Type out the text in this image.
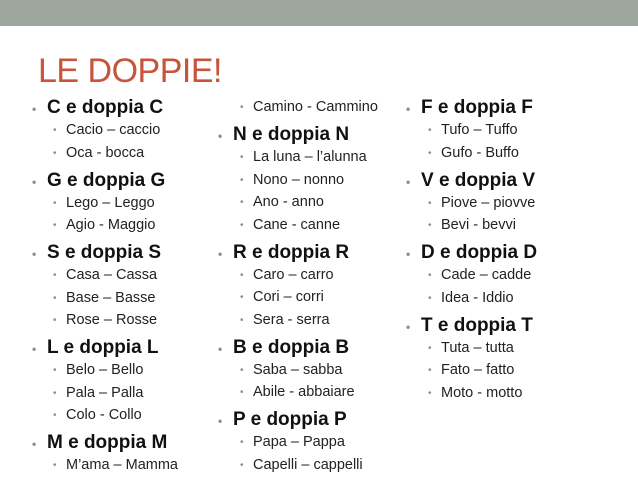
LE DOPPIE!
• C e doppia C
• Cacio – caccio
• Oca - bocca
• G e doppia G
• Lego – Leggo
• Agio - Maggio
• S e doppia S
• Casa – Cassa
• Base – Basse
• Rose – Rosse
• L e doppia L
• Belo – Bello
• Pala – Palla
• Colo - Collo
• M e doppia M
• M’ama – Mamma
• Camino - Cammino
• N e doppia N
• La luna – l’alunna
• Nono – nonno
• Ano - anno
• Cane - canne
• R e doppia R
• Caro – carro
• Cori – corri
• Sera - serra
• B e doppia B
• Saba – sabba
• Abile - abbaiare
• P e doppia P
• Papa – Pappa
• Capelli – cappelli
• F e doppia F
• Tufo – Tuffo
• Gufo - Buffo
• V e doppia V
• Piove – piovve
• Bevi - bevvi
• D e doppia D
• Cade – cadde
• Idea - Iddio
• T e doppia T
• Tuta – tutta
• Fato – fatto
• Moto - motto
